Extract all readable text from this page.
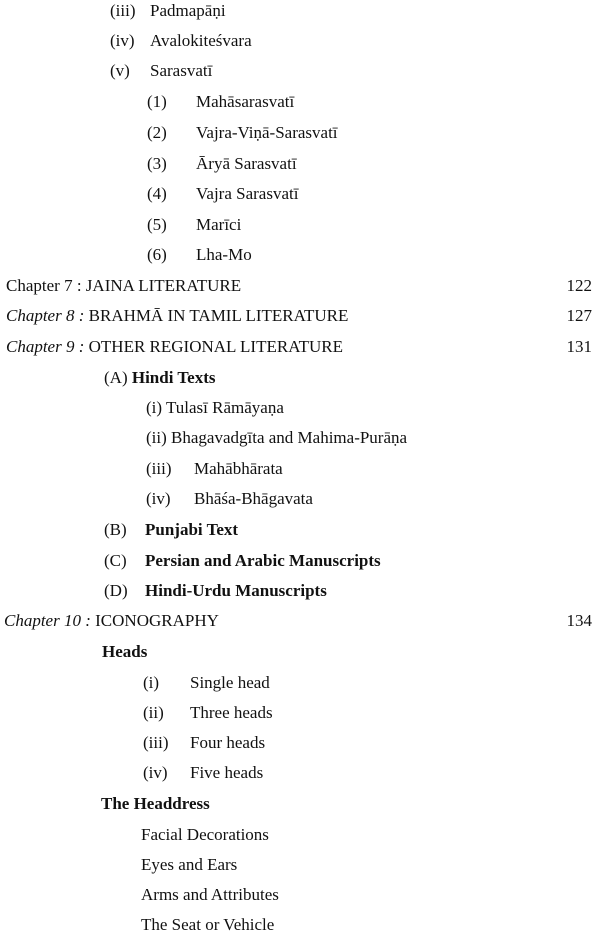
(iii) Padmapāṇi
(iv) Avalokiteśvara
(v) Sarasvatī
(1) Mahāsarasvatī
(2) Vajra-Viṇā-Sarasvatī
(3) Āryā Sarasvatī
(4) Vajra Sarasvatī
(5) Marīci
(6) Lha-Mo
Chapter 7 : JAINA LITERATURE	122
Chapter 8 : BRAHMĀ IN TAMIL LITERATURE	127
Chapter 9 : OTHER REGIONAL LITERATURE	131
(A) Hindi Texts
(i) Tulasī Rāmāyaṇa
(ii) Bhagavadgīta and Mahima-Purāṇa
(iii) Mahābhārata
(iv) Bhāśa-Bhāgavata
(B) Punjabi Text
(C) Persian and Arabic Manuscripts
(D) Hindi-Urdu Manuscripts
Chapter 10 : ICONOGRAPHY	134
Heads
(i) Single head
(ii) Three heads
(iii) Four heads
(iv) Five heads
The Headdress
Facial Decorations
Eyes and Ears
Arms and Attributes
The Seat or Vehicle
